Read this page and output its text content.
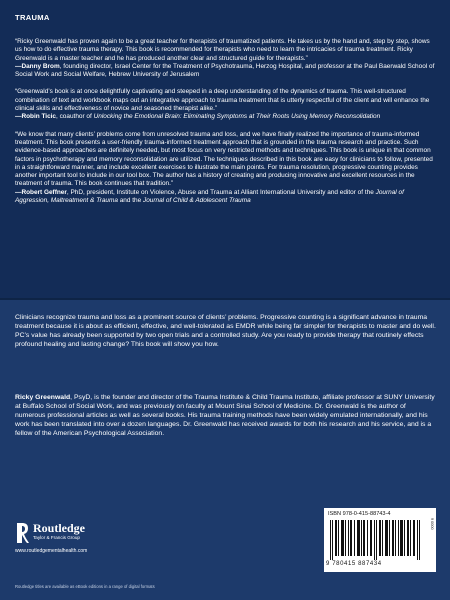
TRAUMA

“Ricky Greenwald has proven again to be a great teacher for therapists of traumatized patients. He takes us by the hand and, step by step, shows us how to do effective trauma therapy. This book is recommended for therapists who need to learn the intricacies of trauma treatment. Ricky Greenwald is a master teacher and he has produced another clear and structured guide for therapists.”

—Danny Brom, founding director, Israel Center for the Treatment of Psychotrauma, Herzog Hospital, and professor at the Paul Baerwald School of Social Work and Social Welfare, Hebrew University of Jerusalem

“Greenwald’s book is at once delightfully captivating and steeped in a deep understanding of the dynamics of trauma. This well-structured combination of text and workbook maps out an integrative approach to trauma treatment that is utterly respectful of the client and will enhance the clinical skills and effectiveness of novice and seasoned therapist alike.”

—Robin Ticic, coauthor of Unlocking the Emotional Brain: Eliminating Symptoms at Their Roots Using Memory Reconsolidation

“We know that many clients’ problems come from unresolved trauma and loss, and we have finally realized the importance of trauma-informed treatment. This book presents a user-friendly trauma-informed treatment approach that is grounded in the trauma research and practice. Such evidence-based approaches are definitely needed, but most focus on very restricted methods and techniques. This book is unique in that common factors in psychotherapy and memory reconsolidation are utilized. The techniques described in this book are easy for clinicians to follow, presented in a straightforward manner, and include excellent exercises to illustrate the main points. For trauma resolution, progressive counting provides another important tool to include in our tool box. The author has a history of creating and producing innovative and excellent resources in the treatment of trauma. This book continues that tradition.”

—Robert Geffner, PhD, president, Institute on Violence, Abuse and Trauma at Alliant International University and editor of the Journal of Aggression, Maltreatment & Trauma and the Journal of Child & Adolescent Trauma

Clinicians recognize trauma and loss as a prominent source of clients’ problems. Progressive counting is a significant advance in trauma treatment because it is about as efficient, effective, and well-tolerated as EMDR while being far simpler for therapists to master and do well. PC’s value has already been supported by two open trials and a controlled study. Are you ready to provide therapy that routinely effects profound healing and lasting change? This book will show you how.

Ricky Greenwald, PsyD, is the founder and director of the Trauma Institute & Child Trauma Institute, affiliate professor at SUNY University at Buffalo School of Social Work, and was previously on faculty at Mount Sinai School of Medicine. Dr. Greenwald is the author of numerous professional articles as well as several books. His trauma training methods have been widely emulated internationally, and his work has been translated into over a dozen languages. Dr. Greenwald has received awards for both his research and his service, and is a fellow of the American Psychological Association.

Routledge
Taylor & Francis Group
www.routledgementalhealth.com
Routledge titles are available as eBook editions in a range of digital formats
ISBN 978-0-415-88743-4
9 780415 887434
9 0000
